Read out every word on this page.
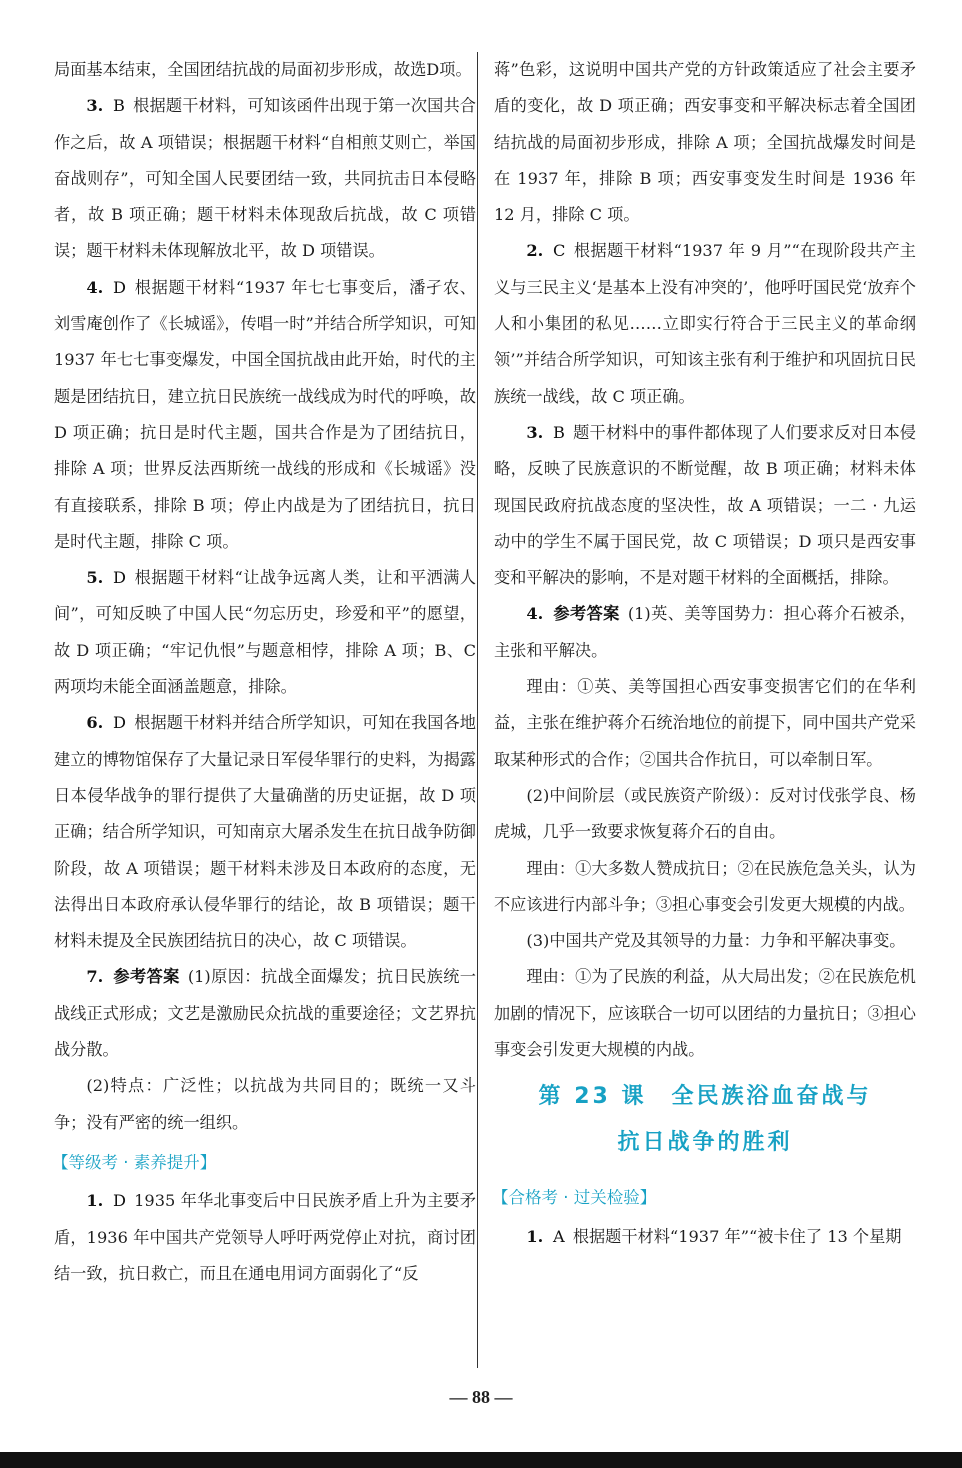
局面基本结束，全国团结抗战的局面初步形成，故选D项。

3. B 根据题干材料，可知该函件出现于第一次国共合作之后，故 A 项错误；根据题干材料“自相煎艾则亡，举国奋战则存”，可知全国人民要团结一致，共同抗击日本侵略者，故 B 项正确；题干材料未体现敌后抗战，故 C 项错误；题干材料未体现解放北平，故 D 项错误。

4. D 根据题干材料“1937 年七七事变后，潘孑农、刘雪庵创作了《长城谣》，传唱一时”并结合所学知识，可知 1937 年七七事变爆发，中国全国抗战由此开始，时代的主题是团结抗日，建立抗日民族统一战线成为时代的呼唤，故 D 项正确；抗日是时代主题，国共合作是为了团结抗日，排除 A 项；世界反法西斯统一战线的形成和《长城谣》没有直接联系，排除 B 项；停止内战是为了团结抗日，抗日是时代主题，排除 C 项。

5. D 根据题干材料“让战争远离人类，让和平洒满人间”，可知反映了中国人民“勿忘历史，珍爱和平”的愿望，故 D 项正确；“牢记仇恨”与题意相悖，排除 A 项；B、C 两项均未能全面涵盖题意，排除。

6. D 根据题干材料并结合所学知识，可知在我国各地建立的博物馆保存了大量记录日军侵华罪行的史料，为揭露日本侵华战争的罪行提供了大量确凿的历史证据，故 D 项正确；结合所学知识，可知南京大屠杀发生在抗日战争防御阶段，故 A 项错误；题干材料未涉及日本政府的态度，无法得出日本政府承认侵华罪行的结论，故 B 项错误；题干材料未提及全民族团结抗日的决心，故 C 项错误。

7. 参考答案 (1)原因：抗战全面爆发；抗日民族统一战线正式形成；文艺是激励民众抗战的重要途径；文艺界抗战分散。

(2)特点：广泛性；以抗战为共同目的；既统一又斗争；没有严密的统一组织。

【等级考 · 素养提升】

1. D 1935 年华北事变后中日民族矛盾上升为主要矛盾，1936 年中国共产党领导人呼吁两党停止对抗，商讨团结一致，抗日救亡，而且在通电用词方面弱化了“反

蒋”色彩，这说明中国共产党的方针政策适应了社会主要矛盾的变化，故 D 项正确；西安事变和平解决标志着全国团结抗战的局面初步形成，排除 A 项；全国抗战爆发时间是在 1937 年，排除 B 项；西安事变发生时间是 1936 年 12 月，排除 C 项。

2. C 根据题干材料“1937 年 9 月”“在现阶段共产主义与三民主义‘是基本上没有冲突的’，他呼吁国民党‘放弃个人和小集团的私见……立即实行符合于三民主义的革命纲领’”并结合所学知识，可知该主张有利于维护和巩固抗日民族统一战线，故 C 项正确。

3. B 题干材料中的事件都体现了人们要求反对日本侵略，反映了民族意识的不断觉醒，故 B 项正确；材料未体现国民政府抗战态度的坚决性，故 A 项错误；一二 · 九运动中的学生不属于国民党，故 C 项错误；D 项只是西安事变和平解决的影响，不是对题干材料的全面概括，排除。

4. 参考答案 (1)英、美等国势力：担心蒋介石被杀，主张和平解决。

理由：①英、美等国担心西安事变损害它们的在华利益，主张在维护蒋介石统治地位的前提下，同中国共产党采取某种形式的合作；②国共合作抗日，可以牵制日军。

(2)中间阶层（或民族资产阶级）：反对讨伐张学良、杨虎城，几乎一致要求恢复蒋介石的自由。

理由：①大多数人赞成抗日；②在民族危急关头，认为不应该进行内部斗争；③担心事变会引发更大规模的内战。

(3)中国共产党及其领导的力量：力争和平解决事变。

理由：①为了民族的利益，从大局出发；②在民族危机加剧的情况下，应该联合一切可以团结的力量抗日；③担心事变会引发更大规模的内战。

第 23 课　全民族浴血奋战与
抗日战争的胜利
【合格考 · 过关检验】

1. A 根据题干材料“1937 年”“被卡住了 13 个星期

— 88 —
